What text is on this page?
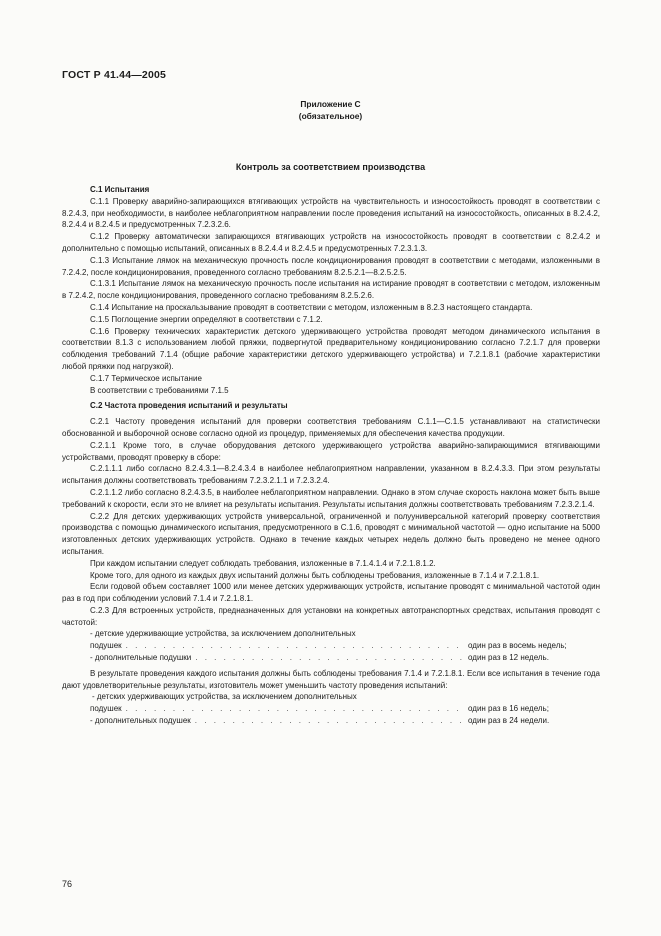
ГОСТ Р 41.44—2005
Приложение С
(обязательное)
Контроль за соответствием производства

С.1 Испытания

С.1.1 Проверку аварийно-запирающихся втягивающих устройств на чувствительность и износостойкость проводят в соответствии с 8.2.4.3, при необходимости, в наиболее неблагоприятном направлении после проведения испытаний на износостойкость, описанных в 8.2.4.2, 8.2.4.4 и 8.2.4.5 и предусмотренных 7.2.3.2.6.

С.1.2 Проверку автоматически запирающихся втягивающих устройств на износостойкость проводят в соответствии с 8.2.4.2 и дополнительно с помощью испытаний, описанных в 8.2.4.4 и 8.2.4.5 и предусмотренных 7.2.3.1.3.

С.1.3 Испытание лямок на механическую прочность после кондиционирования проводят в соответствии с методами, изложенными в 7.2.4.2, после кондиционирования, проведенного согласно требованиям 8.2.5.2.1—8.2.5.2.5.

С.1.3.1 Испытание лямок на механическую прочность после испытания на истирание проводят в соответствии с методом, изложенным в 7.2.4.2, после кондиционирования, проведенного согласно требованиям 8.2.5.2.6.

С.1.4 Испытание на проскальзывание проводят в соответствии с методом, изложенным в 8.2.3 настоящего стандарта.

С.1.5 Поглощение энергии определяют в соответствии с 7.1.2.

С.1.6 Проверку технических характеристик детского удерживающего устройства проводят методом динамического испытания в соответствии 8.1.3 с использованием любой пряжки, подвергнутой предварительному кондиционированию согласно 7.2.1.7 для проверки соблюдения требований 7.1.4 (общие рабочие характеристики детского удерживающего устройства) и 7.2.1.8.1 (рабочие характеристики любой пряжки под нагрузкой).

С.1.7 Термическое испытание

В соответствии с требованиями 7.1.5

С.2 Частота проведения испытаний и результаты

С.2.1 Частоту проведения испытаний для проверки соответствия требованиям С.1.1—С.1.5 устанавливают на статистически обоснованной и выборочной основе согласно одной из процедур, применяемых для обеспечения качества продукции.

С.2.1.1 Кроме того, в случае оборудования детского удерживающего устройства аварийно-запирающимися втягивающими устройствами, проводят проверку в сборе:

С.2.1.1.1 либо согласно 8.2.4.3.1—8.2.4.3.4 в наиболее неблагоприятном направлении, указанном в 8.2.4.3.3. При этом результаты испытания должны соответствовать требованиям 7.2.3.2.1.1 и 7.2.3.2.4.

С.2.1.1.2 либо согласно 8.2.4.3.5, в наиболее неблагоприятном направлении. Однако в этом случае скорость наклона может быть выше требований к скорости, если это не влияет на результаты испытания. Результаты испытания должны соответствовать требованиям 7.2.3.2.1.4.

С.2.2 Для детских удерживающих устройств универсальной, ограниченной и полууниверсальной категорий проверку соответствия производства с помощью динамического испытания, предусмотренного в С.1.6, проводят с минимальной частотой — одно испытание на 5000 изготовленных детских удерживающих устройств. Однако в течение каждых четырех недель должно быть проведено не менее одного испытания.

При каждом испытании следует соблюдать требования, изложенные в 7.1.4.1.4 и 7.2.1.8.1.2.

Кроме того, для одного из каждых двух испытаний должны быть соблюдены требования, изложенные в 7.1.4 и 7.2.1.8.1.

Если годовой объем составляет 1000 или менее детских удерживающих устройств, испытание проводят с минимальной частотой один раз в год при соблюдении условий 7.1.4 и 7.2.1.8.1.

С.2.3 Для встроенных устройств, предназначенных для установки на конкретных автотранспортных средствах, испытания проводят с частотой:

- детские удерживающие устройства, за исключением дополнительных

подушек . . .	один раз в восемь недель;
- дополнительные подушки . . .	один раз в 12 недель.

В результате проведения каждого испытания должны быть соблюдены требования 7.1.4 и 7.2.1.8.1. Если все испытания в течение года дают удовлетворительные результаты, изготовитель может уменьшить частоту проведения испытаний:

- детских удерживающих устройства, за исключением дополнительных

подушек . . .	один раз в 16 недель;
- дополнительных подушек . . .	один раз в 24 недели.
76
